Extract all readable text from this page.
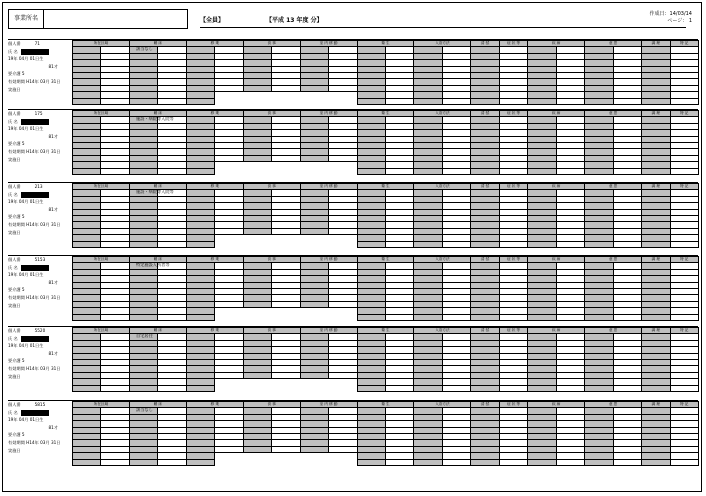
事業所名	【全員】	【平成 13 年度 分】
作成日：14/03/14
ページ： 1
個人番	71
氏 名
19年 04月 01日生
81才
要介護 5
有効期間 H14年 03月 31日
実施日
所在区域		睡 床		移 乗		食 事		室 内 移 動		衛 生		入浴方法		清 拭	症 状 等	疾 病		意 思		調 理	特 記

該当なし
個人番	175
氏 名
19年 04月 01日生
81才
要介護 5
有効期間 H14年 03月 31日
実施日
所在区域		睡 床		移 乗		食 事		室 内 移 動		衛 生		入浴方法		清 拭	症 状 等	疾 病		意 思		調 理	特 記

施設・病院等入院等
個人番	213
氏 名
19年 04月 01日生
81才
要介護 5
有効期間 H14年 03月 31日
実施日
所在区域		睡 床		移 乗		食 事		室 内 移 動		衛 生		入浴方法		清 拭	症 状 等	疾 病		意 思		調 理	特 記

施設・病院等入院等
個人番	5153
氏 名
19年 04月 01日生
81才
要介護 5
有効期間 H14年 03月 31日
実施日
所在区域		睡 床		移 乗		食 事		室 内 移 動		衛 生		入浴方法		清 拭	症 状 等	疾 病		意 思		調 理	特 記

特定施設入所者等
個人番	5520
氏 名
19年 04月 01日生
81才
要介護 5
有効期間 H14年 03月 31日
実施日
所在区域		睡 床		移 乗		食 事		室 内 移 動		衛 生		入浴方法		清 拭	症 状 等	疾 病		意 思		調 理	特 記

自宅居住
個人番	5815
氏 名
19年 04月 01日生
81才
要介護 5
有効期間 H14年 03月 31日
実施日
所在区域		睡 床		移 乗		食 事		室 内 移 動		衛 生		入浴方法		清 拭	症 状 等	疾 病		意 思		調 理	特 記

該当なし
